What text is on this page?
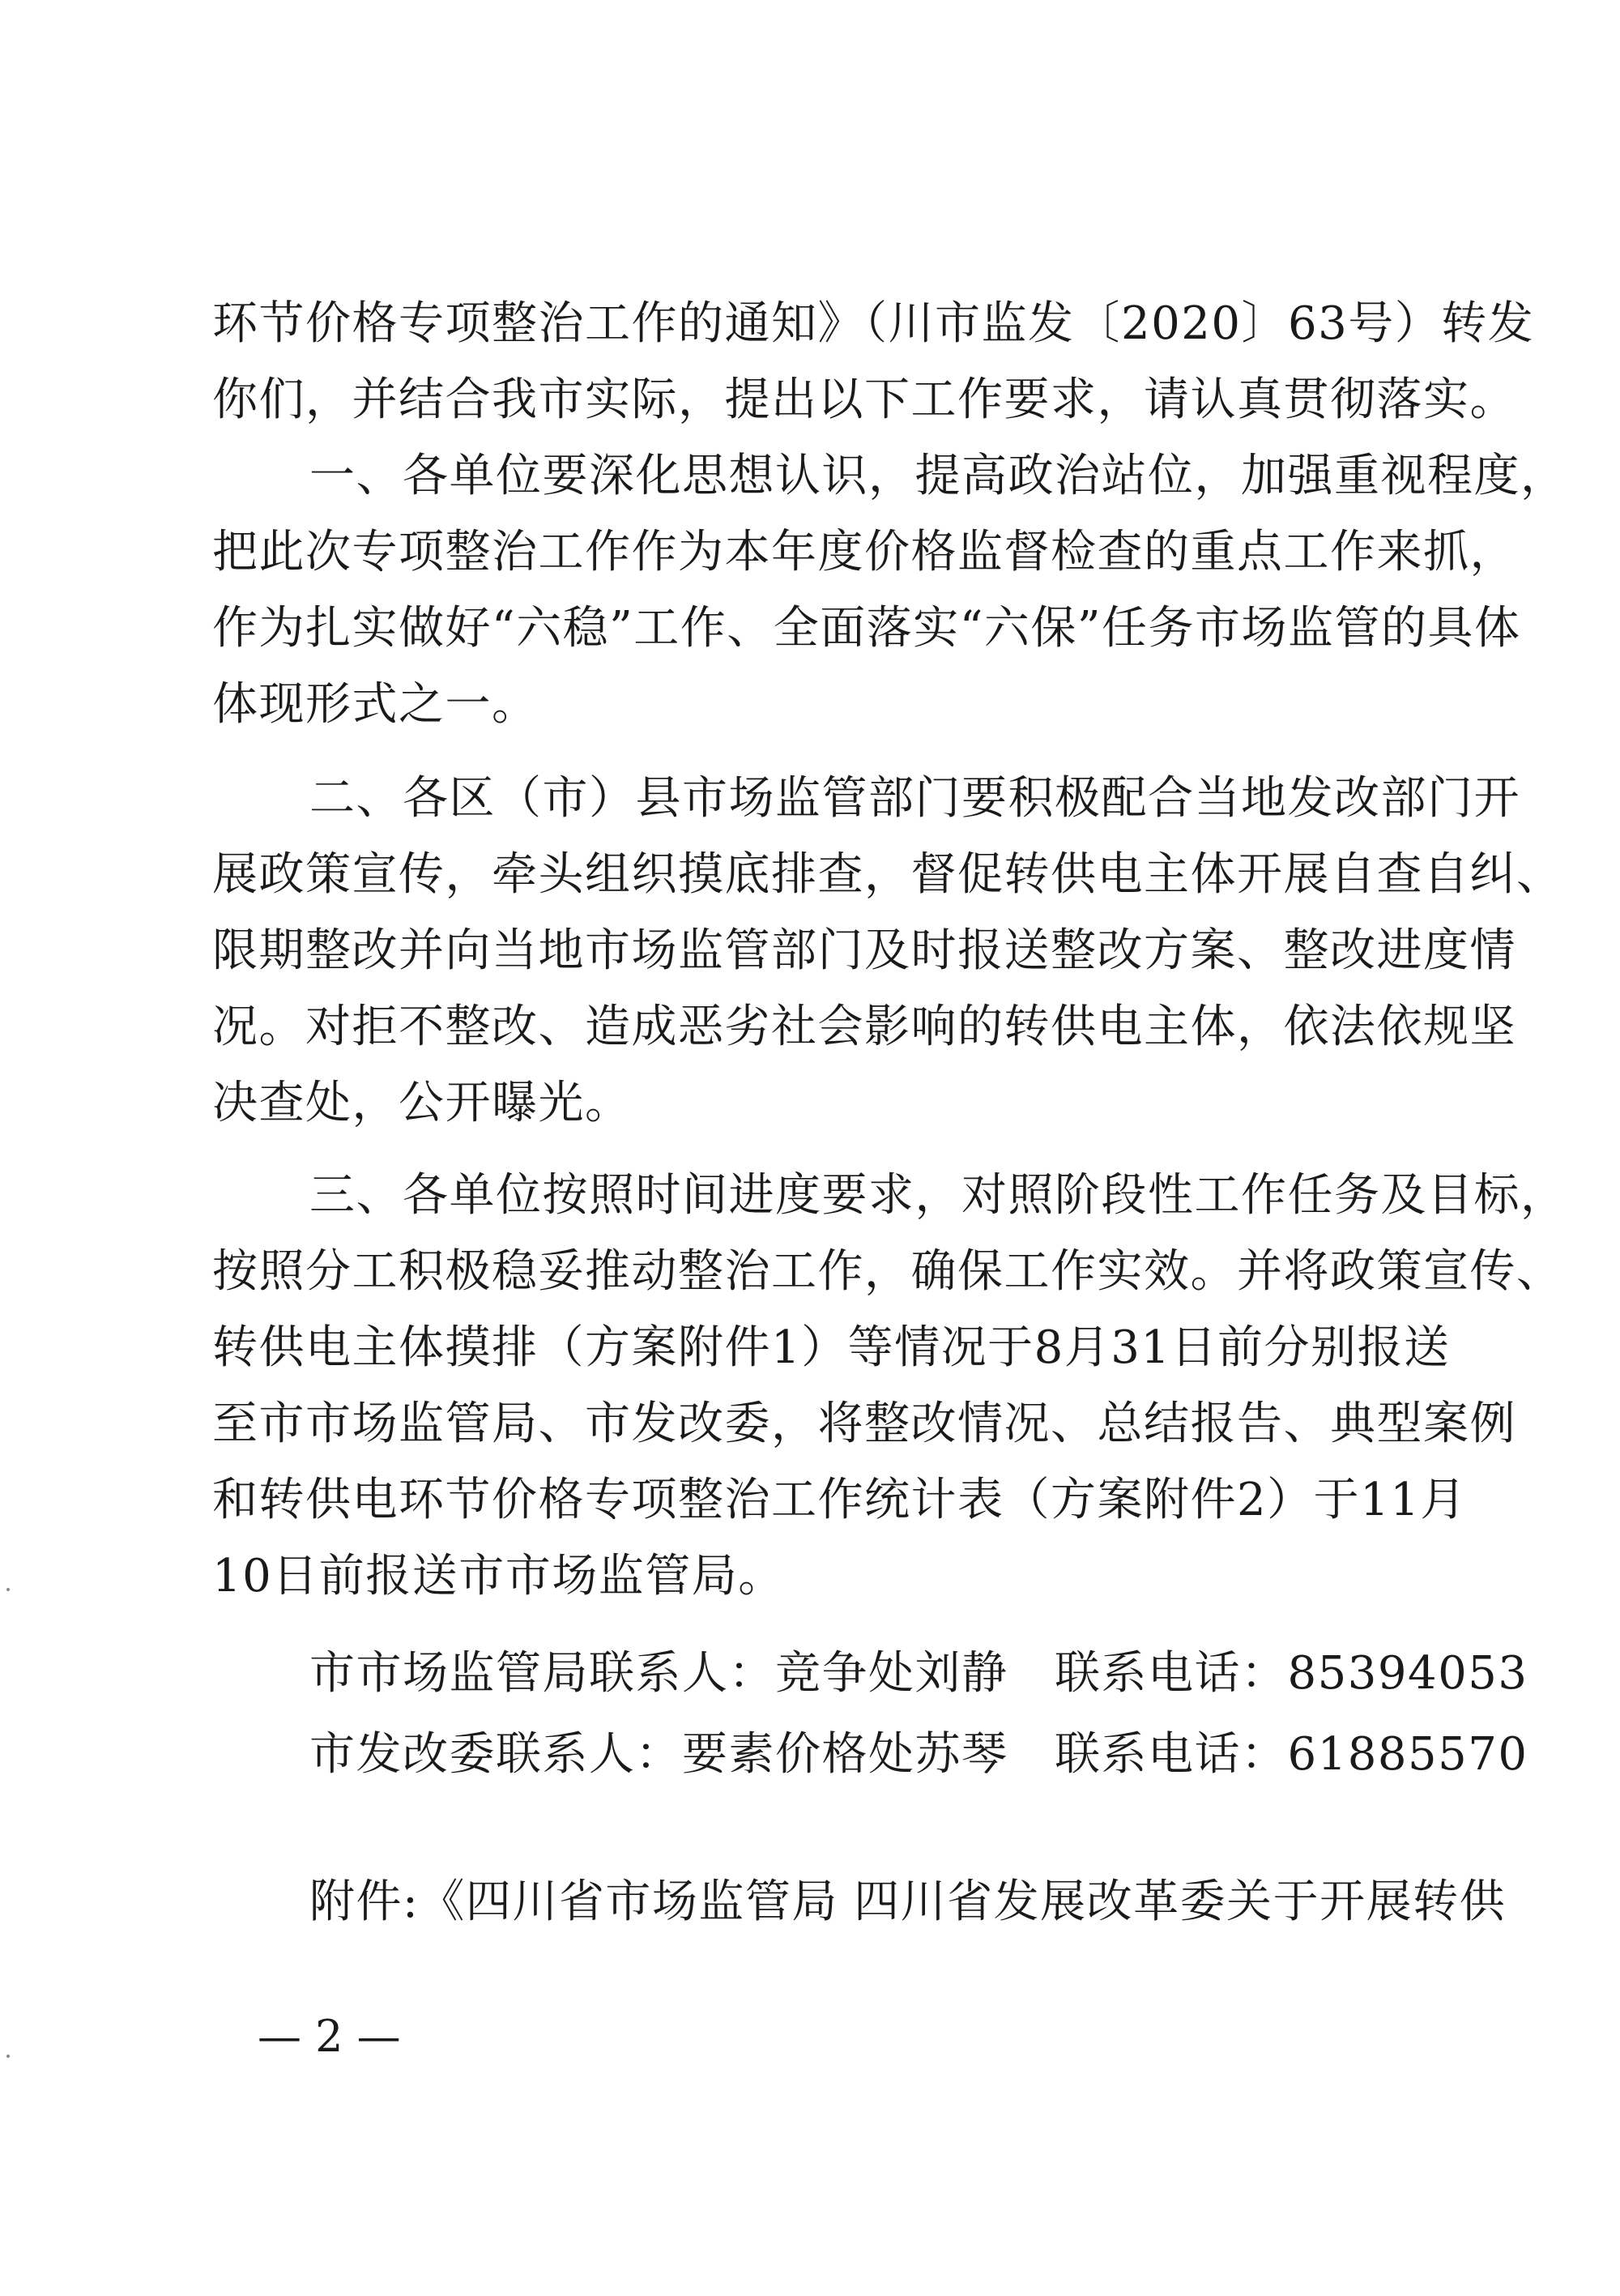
环节价格专项整治工作的通知》（川市监发〔2020〕63号）转发
你们，并结合我市实际，提出以下工作要求，请认真贯彻落实。
一、各单位要深化思想认识，提高政治站位，加强重视程度，
把此次专项整治工作作为本年度价格监督检查的重点工作来抓，
作为扎实做好“六稳”工作、全面落实“六保”任务市场监管的具体
体现形式之一。
二、各区（市）县市场监管部门要积极配合当地发改部门开
展政策宣传，牵头组织摸底排查，督促转供电主体开展自查自纠、
限期整改并向当地市场监管部门及时报送整改方案、整改进度情
况。对拒不整改、造成恶劣社会影响的转供电主体，依法依规坚
决查处，公开曝光。
三、各单位按照时间进度要求，对照阶段性工作任务及目标，
按照分工积极稳妥推动整治工作，确保工作实效。并将政策宣传、
转供电主体摸排（方案附件1）等情况于8月31日前分别报送
至市市场监管局、市发改委，将整改情况、总结报告、典型案例
和转供电环节价格专项整治工作统计表（方案附件2）于11月
10日前报送市市场监管局。
市市场监管局联系人：竞争处刘静　联系电话：85394053
市发改委联系人：要素价格处苏琴　联系电话：61885570
附件:《四川省市场监管局 四川省发展改革委关于开展转供
— 2 —
